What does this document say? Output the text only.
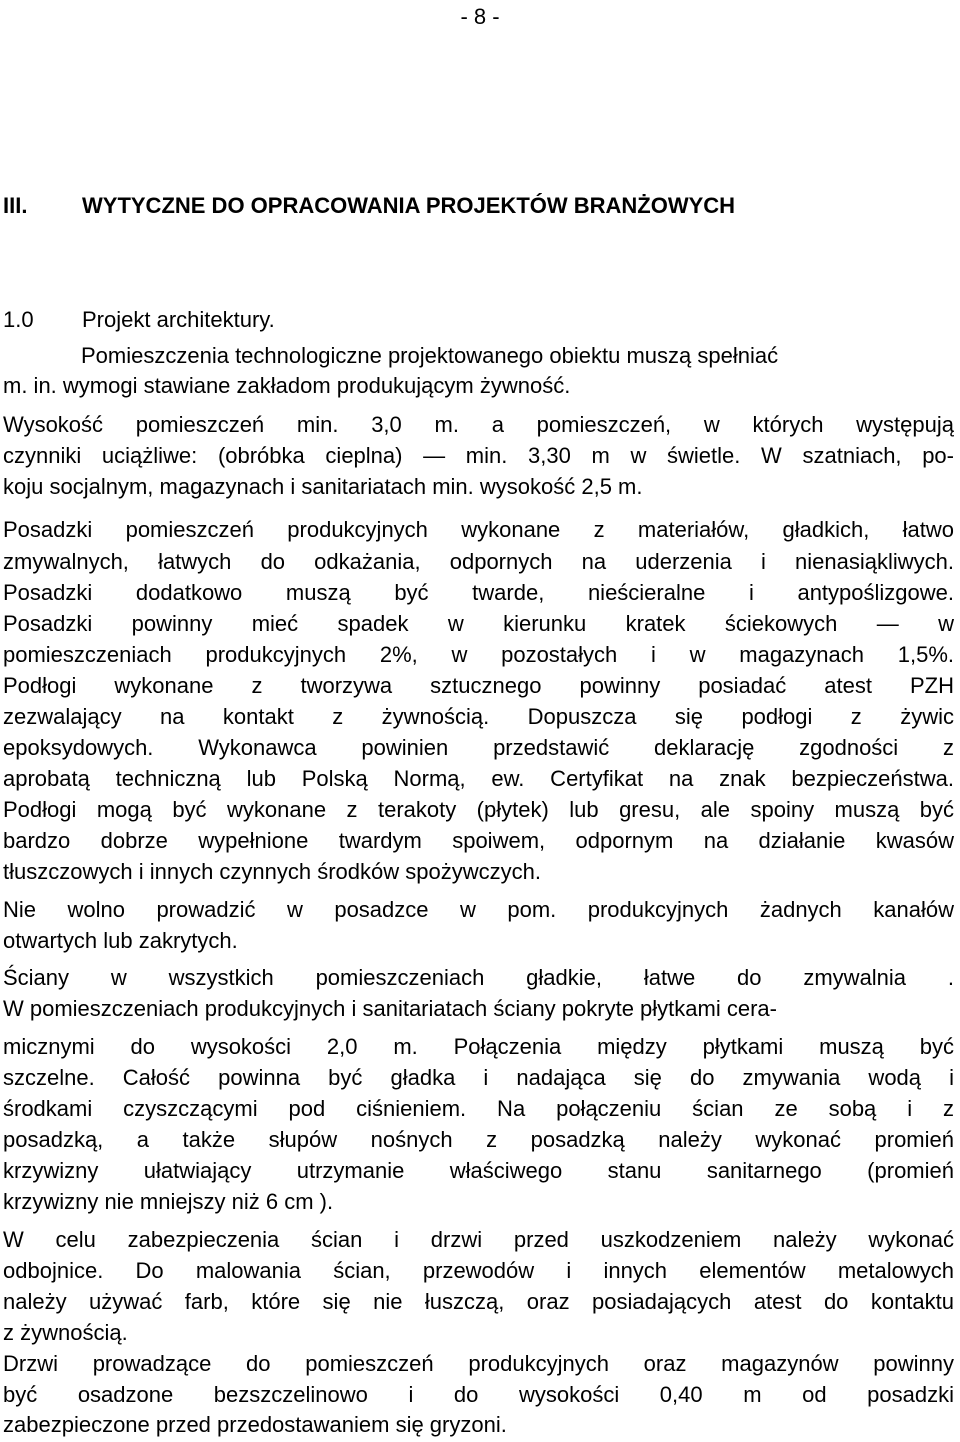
- 8 -
III. WYTYCZNE DO OPRACOWANIA PROJEKTÓW BRANŻOWYCH
1.0 Projekt architektury.
Pomieszczenia technologiczne projektowanego obiektu muszą spełniać
m. in. wymogi stawiane zakładom produkującym żywność.
Wysokość pomieszczeń min. 3,0 m. a pomieszczeń, w których występują
czynniki uciążliwe: (obróbka cieplna) — min. 3,30 m w świetle. W szatniach, po-
koju socjalnym, magazynach i sanitariatach min. wysokość 2,5 m.
Posadzki pomieszczeń produkcyjnych wykonane z materiałów, gładkich, łatwo
zmywalnych, łatwych do odkażania, odpornych na uderzenia i nienasiąkliwych.
Posadzki dodatkowo muszą być twarde, nieścieralne i antypoślizgowe.
Posadzki powinny mieć spadek w kierunku kratek ściekowych — w
pomieszczeniach produkcyjnych 2%, w pozostałych i w magazynach 1,5%.
Podłogi wykonane z tworzywa sztucznego powinny posiadać atest PZH
zezwalający na kontakt z żywnością. Dopuszcza się podłogi z żywic
epoksydowych. Wykonawca powinien przedstawić deklarację zgodności z
aprobatą techniczną lub Polską Normą, ew. Certyfikat na znak bezpieczeństwa.
Podłogi mogą być wykonane z terakoty (płytek) lub gresu, ale spoiny muszą być
bardzo dobrze wypełnione twardym spoiwem, odpornym na działanie kwasów
tłuszczowych i innych czynnych środków spożywczych.
Nie wolno prowadzić w posadzce w pom. produkcyjnych żadnych kanałów
otwartych lub zakrytych.
Ściany w wszystkich pomieszczeniach gładkie, łatwe do zmywalnia .
W pomieszczeniach produkcyjnych i sanitariatach ściany pokryte płytkami cera-
micznymi do wysokości 2,0 m. Połączenia między płytkami muszą być
szczelne. Całość powinna być gładka i nadająca się do zmywania wodą i
środkami czyszczącymi pod ciśnieniem. Na połączeniu ścian ze sobą i z
posadzką, a także słupów nośnych z posadzką należy wykonać promień
krzywizny ułatwiający utrzymanie właściwego stanu sanitarnego (promień
krzywizny nie mniejszy niż 6 cm ).
W celu zabezpieczenia ścian i drzwi przed uszkodzeniem należy wykonać
odbojnice. Do malowania ścian, przewodów i innych elementów metalowych
należy używać farb, które się nie łuszczą, oraz posiadających atest do kontaktu
z żywnością.
Drzwi prowadzące do pomieszczeń produkcyjnych oraz magazynów powinny
być osadzone bezszczelinowo i do wysokości 0,40 m od posadzki
zabezpieczone przed przedostawaniem się gryzoni.
